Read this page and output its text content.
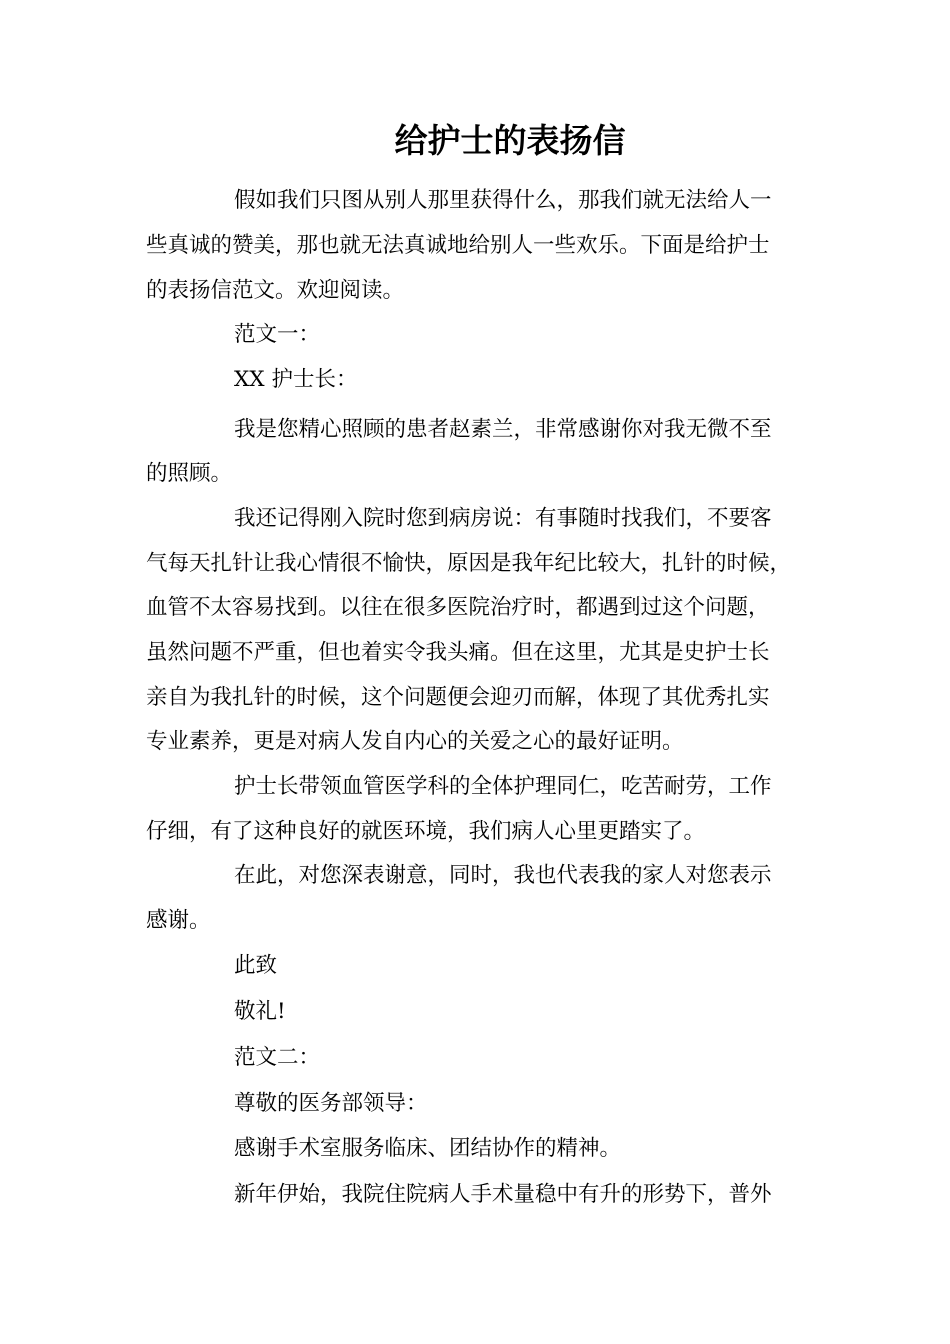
给护士的表扬信
假如我们只图从别人那里获得什么，那我们就无法给人一
些真诚的赞美，那也就无法真诚地给别人一些欢乐。下面是给护士
的表扬信范文。欢迎阅读。
范文一：
XX 护士长：
我是您精心照顾的患者赵素兰，非常感谢你对我无微不至
的照顾。
我还记得刚入院时您到病房说：有事随时找我们，不要客
气每天扎针让我心情很不愉快，原因是我年纪比较大，扎针的时候，
血管不太容易找到。以往在很多医院治疗时，都遇到过这个问题，
虽然问题不严重，但也着实令我头痛。但在这里，尤其是史护士长
亲自为我扎针的时候，这个问题便会迎刃而解，体现了其优秀扎实
专业素养，更是对病人发自内心的关爱之心的最好证明。
护士长带领血管医学科的全体护理同仁，吃苦耐劳，工作
仔细，有了这种良好的就医环境，我们病人心里更踏实了。
在此，对您深表谢意，同时，我也代表我的家人对您表示
感谢。
此致
敬礼!
范文二：
尊敬的医务部领导：
感谢手术室服务临床、团结协作的精神。
新年伊始，我院住院病人手术量稳中有升的形势下，普外
